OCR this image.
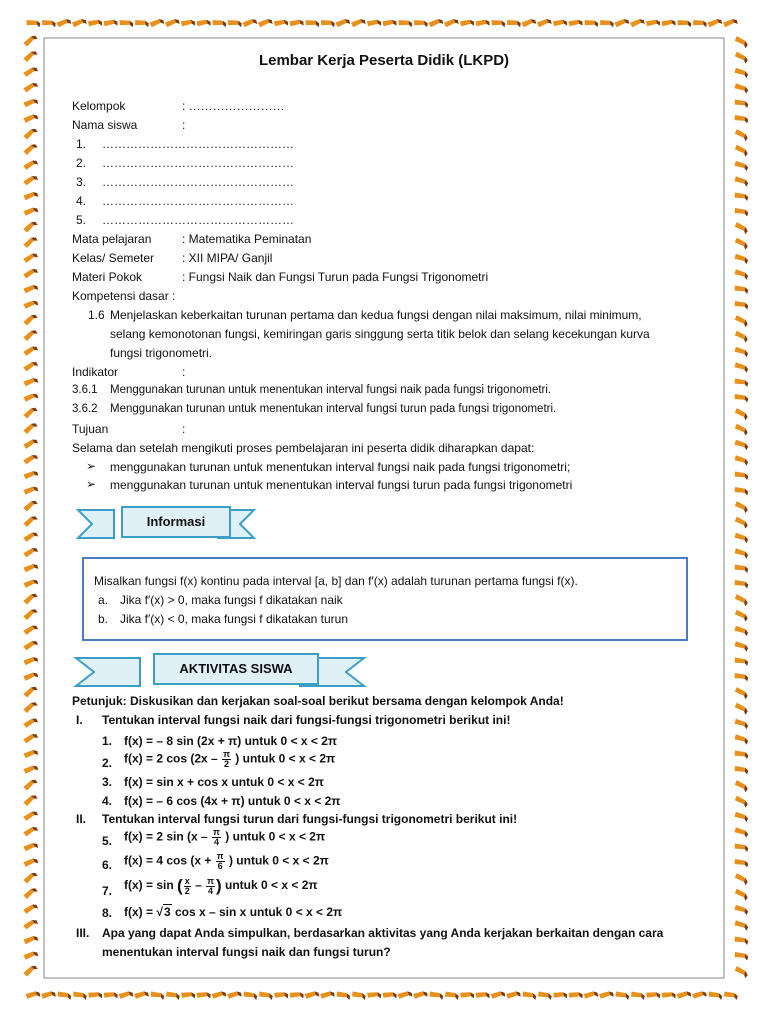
Lembar Kerja Peserta Didik (LKPD)
Kelompok	: ……………………
Nama siswa	:
1. …………………………………………
2. …………………………………………
3. …………………………………………
4. …………………………………………
5. …………………………………………
Mata pelajaran	: Matematika Peminatan
Kelas/ Semeter : XII MIPA/ Ganjil
Materi Pokok	: Fungsi Naik dan Fungsi Turun pada Fungsi Trigonometri
Kompetensi dasar :
1.6 Menjelaskan keberkaitan turunan pertama dan kedua fungsi dengan nilai maksimum, nilai minimum,
selang kemonotonan fungsi, kemiringan garis singgung serta titik belok dan selang kecekungan kurva
fungsi trigonometri.
Indikator	:
3.6.1 Menggunakan turunan untuk menentukan interval fungsi naik pada fungsi trigonometri.
3.6.2 Menggunakan turunan untuk menentukan interval fungsi turun pada fungsi trigonometri.
Tujuan	:
Selama dan setelah mengikuti proses pembelajaran ini peserta didik diharapkan dapat:
➢ menggunakan turunan untuk menentukan interval fungsi naik pada fungsi trigonometri;
➢ menggunakan turunan untuk menentukan interval fungsi turun pada fungsi trigonometri
Informasi
Misalkan fungsi f(x) kontinu pada interval [a, b] dan f′(x) adalah turunan pertama fungsi f(x).
a. Jika f′(x) > 0, maka fungsi f dikatakan naik
b. Jika f′(x) < 0, maka fungsi f dikatakan turun
AKTIVITAS SISWA
Petunjuk: Diskusikan dan kerjakan soal-soal berikut bersama dengan kelompok Anda!
I. Tentukan interval fungsi naik dari fungsi-fungsi trigonometri berikut ini!
1. f(x) = – 8 sin (2x + π) untuk 0 < x < 2π
2. f(x) = 2 $\cos (2x - \frac{\pi}{2}$ ) untuk 0 < x < 2π
3. f(x) = sin x + cos x untuk 0 < x < 2π
4. f(x) = – 6 cos (4x + π) untuk 0 < x < 2π
II. Tentukan interval fungsi turun dari fungsi-fungsi trigonometri berikut ini!
5. f(x) = 2 $\sin (x - \frac{\pi}{4}$ ) untuk 0 < x < 2π
6. f(x) = 4 $\cos (x + \frac{\pi}{6}$ ) untuk 0 < x < 2π
7. f(x) = sin ( $\frac{x}{2} - \frac{\pi}{4}$ ) untuk 0 < x < 2π
8. f(x) = √3 cos x – sin x untuk 0 < x < 2π
III. Apa yang dapat Anda simpulkan, berdasarkan aktivitas yang Anda kerjakan berkaitan dengan cara
menentukan interval fungsi naik dan fungsi turun?
